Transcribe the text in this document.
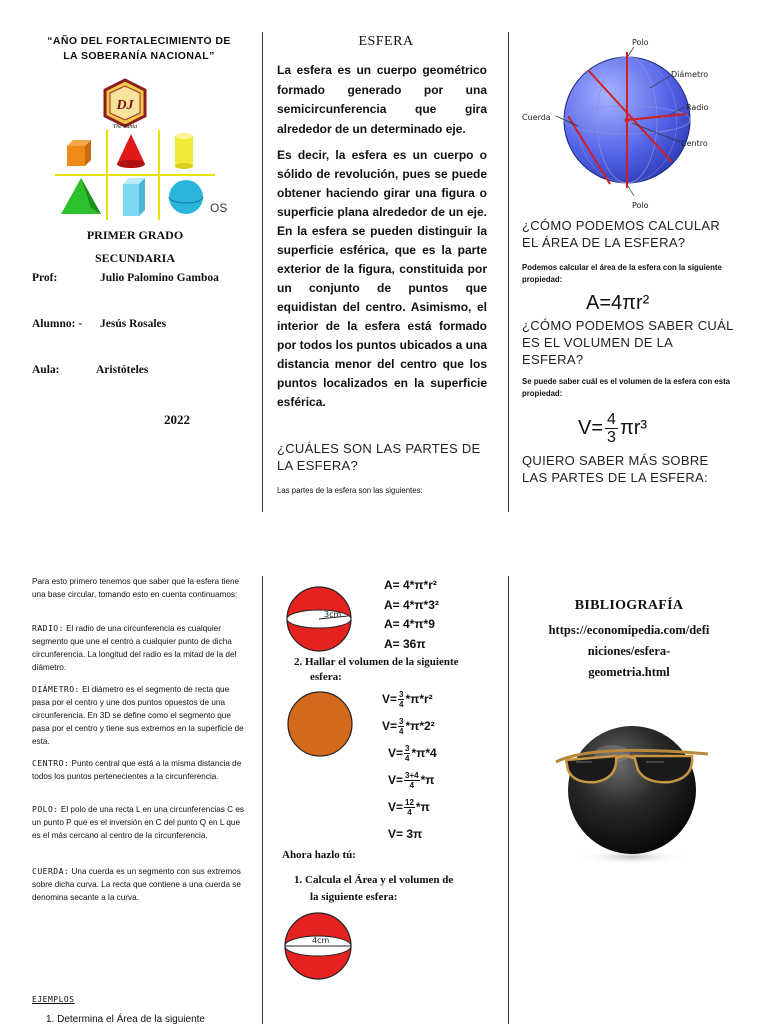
“AÑO DEL FORTALECIMIENTO DE
LA SOBERANÍA NACIONAL”
DJ
The Santa
OS
PRIMER GRADO
SECUNDARIA
Prof:	Julio Palomino Gamboa
Alumno: - Jesús Rosales
Aula:	Aristóteles
2022
ESFERA
La esfera es un cuerpo geométrico formado generado por una semicircunferencia que gira alrededor de un determinado eje.
Es decir, la esfera es un cuerpo o sólido de revolución, pues se puede obtener haciendo girar una figura o superficie plana alrededor de un eje. En la esfera se pueden distinguir la superficie esférica, que es la parte exterior de la figura, constituida por un conjunto de puntos que equidistan del centro. Asimismo, el interior de la esfera está formado por todos los puntos ubicados a una distancia menor del centro que los puntos localizados en la superficie esférica.
¿CUÁLES SON LAS PARTES DE LA ESFERA?
Las partes de la esfera son las siguientes:
Polo
Diámetro
Radio
Cuerda
Centro
Polo
¿CÓMO PODEMOS CALCULAR EL ÁREA DE LA ESFERA?
Podemos calcular el área de la esfera con la siguiente propiedad:
A=4πr²
¿CÓMO PODEMOS SABER CUÁL ES EL VOLUMEN DE LA ESFERA?
Se puede saber cuál es el volumen de la esfera con esta propiedad:
$V= \frac{4}{3} \pi r^3$
QUIERO SABER MÁS SOBRE LAS PARTES DE LA ESFERA:
Para esto primero tenemos que saber que la esfera tiene una base circular, tomando esto en cuenta continuamos:
RADIO: El radio de una circunferencia es cualquier segmento que une el centro a cualquier punto de dicha circunferencia. La longitud del radio es la mitad de la del diámetro.
DIÁMETRO: El diámetro es el segmento de recta que pasa por el centro y une dos puntos opuestos de una circunferencia. En 3D se define como el segmento que pasa por el centro y tiene sus extremos en la superficie de esta.
CENTRO: Punto central que está a la misma distancia de todos los puntos pertenecientes a la circunferencia.
POLO: El polo de una recta L en una circunferencias C es un punto P que es el inversión en C del punto Q en L que es el más cercano al centro de la circunferencia.
CUERDA: Una cuerda es un segmento con sus extremos sobre dicha curva. La recta que contiene a una cuerda se denomina secante a la curva.
EJEMPLOS
1. Determina el Área de la siguiente
3cm
A= 4*π*r²
A= 4*π*3²
A= 4*π*9
A= 36π
2. Hallar el volumen de la siguiente
esfera:
$V= \frac{3}{4} *\pi*r^2$
$V= \frac{3}{4} *\pi*2^2$
$V= \frac{3}{4} *\pi*4$
$V= \frac{3+4}{4} *\pi$
$V= \frac{12}{4} *\pi$
V= 3π
Ahora hazlo tú:
1. Calcula el Área y el volumen de
la siguiente esfera:
4cm
BIBLIOGRAFÍA
https://economipedia.com/defi
niciones/esfera-
geometria.html
